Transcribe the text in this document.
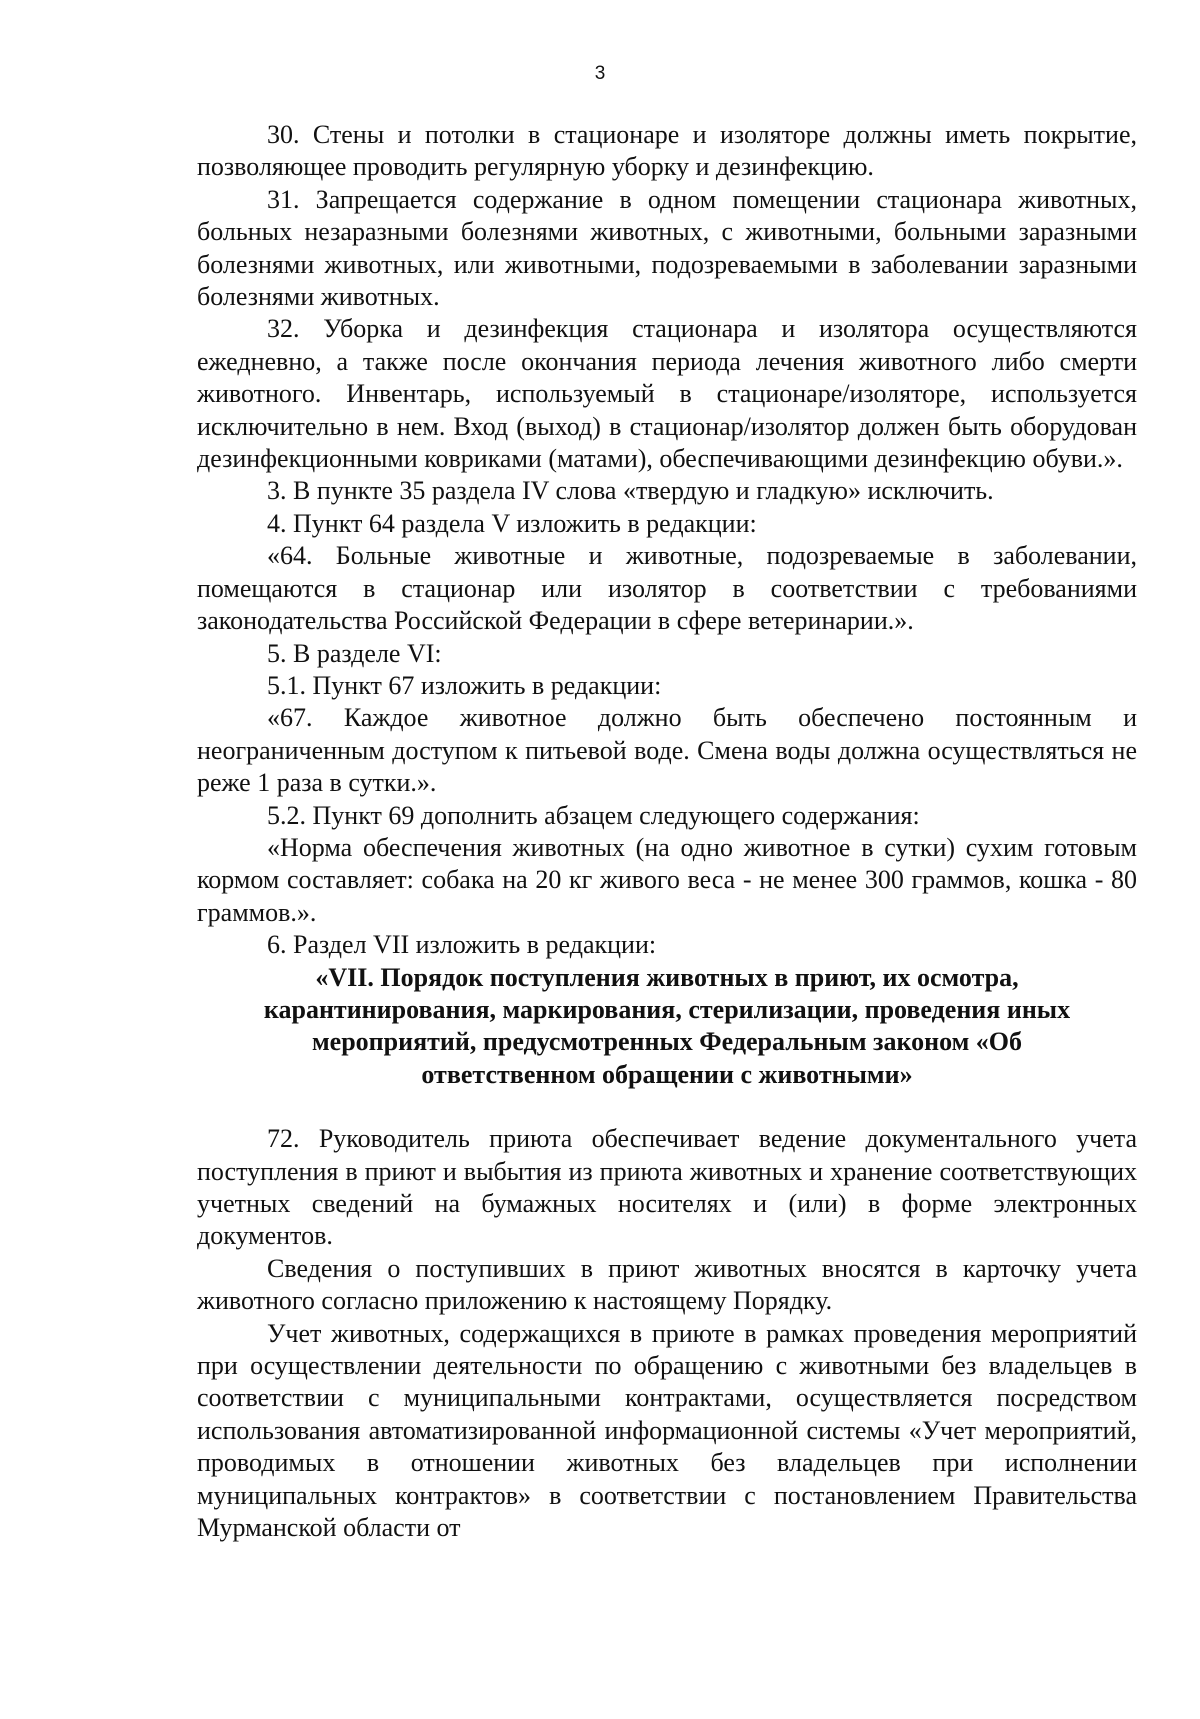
3

30. Стены и потолки в стационаре и изоляторе должны иметь покрытие, позволяющее проводить регулярную уборку и дезинфекцию.

31. Запрещается содержание в одном помещении стационара животных, больных незаразными болезнями животных, с животными, больными заразными болезнями животных, или животными, подозреваемыми в заболевании заразными болезнями животных.

32. Уборка и дезинфекция стационара и изолятора осуществляются ежедневно, а также после окончания периода лечения животного либо смерти животного. Инвентарь, используемый в стационаре/изоляторе, используется исключительно в нем. Вход (выход) в стационар/изолятор должен быть оборудован дезинфекционными ковриками (матами), обеспечивающими дезинфекцию обуви.».

3. В пункте 35 раздела IV слова «твердую и гладкую» исключить.

4. Пункт 64 раздела V изложить в редакции:

«64. Больные животные и животные, подозреваемые в заболевании, помещаются в стационар или изолятор в соответствии с требованиями законодательства Российской Федерации в сфере ветеринарии.».

5. В разделе VI:

5.1. Пункт 67 изложить в редакции:

«67. Каждое животное должно быть обеспечено постоянным и неограниченным доступом к питьевой воде. Смена воды должна осуществляться не реже 1 раза в сутки.».

5.2. Пункт 69 дополнить абзацем следующего содержания:

«Норма обеспечения животных (на одно животное в сутки) сухим готовым кормом составляет: собака на 20 кг живого веса - не менее 300 граммов, кошка - 80 граммов.».

6. Раздел VII изложить в редакции:

«VII. Порядок поступления животных в приют, их осмотра, карантинирования, маркирования, стерилизации, проведения иных мероприятий, предусмотренных Федеральным законом «Об ответственном обращении с животными»

72. Руководитель приюта обеспечивает ведение документального учета поступления в приют и выбытия из приюта животных и хранение соответствующих учетных сведений на бумажных носителях и (или) в форме электронных документов.

Сведения о поступивших в приют животных вносятся в карточку учета животного согласно приложению к настоящему Порядку.

Учет животных, содержащихся в приюте в рамках проведения мероприятий при осуществлении деятельности по обращению с животными без владельцев в соответствии с муниципальными контрактами, осуществляется посредством использования автоматизированной информационной системы «Учет мероприятий, проводимых в отношении животных без владельцев при исполнении муниципальных контрактов» в соответствии с постановлением Правительства Мурманской области от
